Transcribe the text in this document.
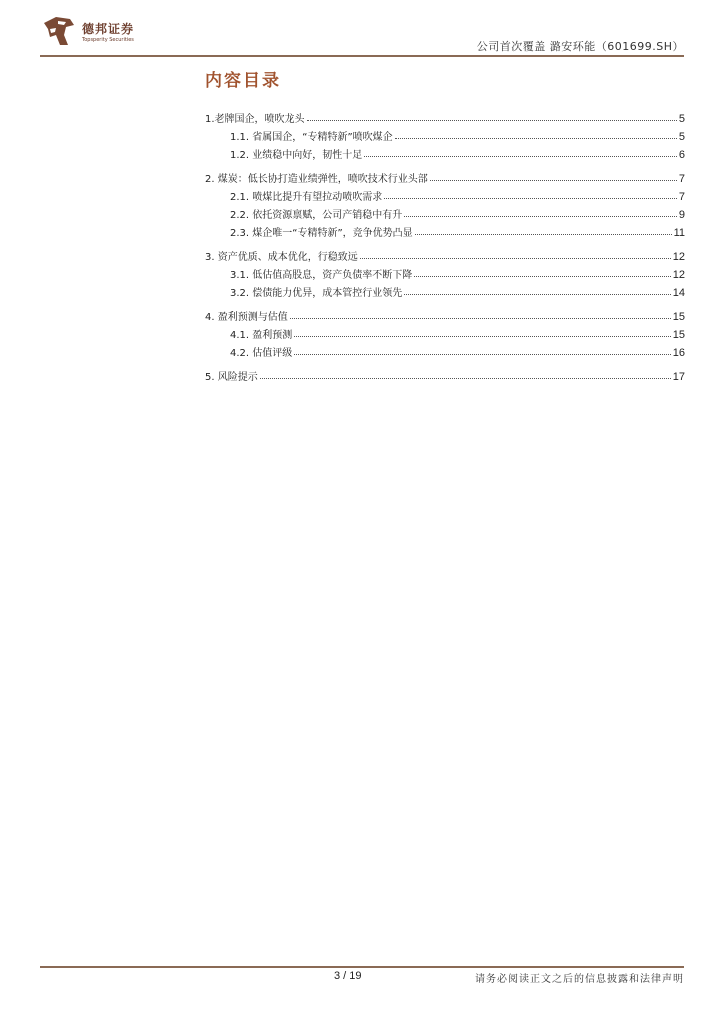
德邦证券
Topsperity Securities	公司首次覆盖 潞安环能（601699.SH）
内容目录
1.老牌国企，喷吹龙头	5
1.1. 省属国企，“专精特新”喷吹煤企	5
1.2. 业绩稳中向好，韧性十足	6
2. 煤炭：低长协打造业绩弹性，喷吹技术行业头部	7
2.1. 喷煤比提升有望拉动喷吹需求	7
2.2. 依托资源禀赋，公司产销稳中有升	9
2.3. 煤企唯一“专精特新”，竞争优势凸显	11
3. 资产优质、成本优化，行稳致远	12
3.1. 低估值高股息，资产负债率不断下降	12
3.2. 偿债能力优异，成本管控行业领先	14
4. 盈利预测与估值	15
4.1. 盈利预测	15
4.2. 估值评级	16
5. 风险提示	17
3 / 19	请务必阅读正文之后的信息披露和法律声明
